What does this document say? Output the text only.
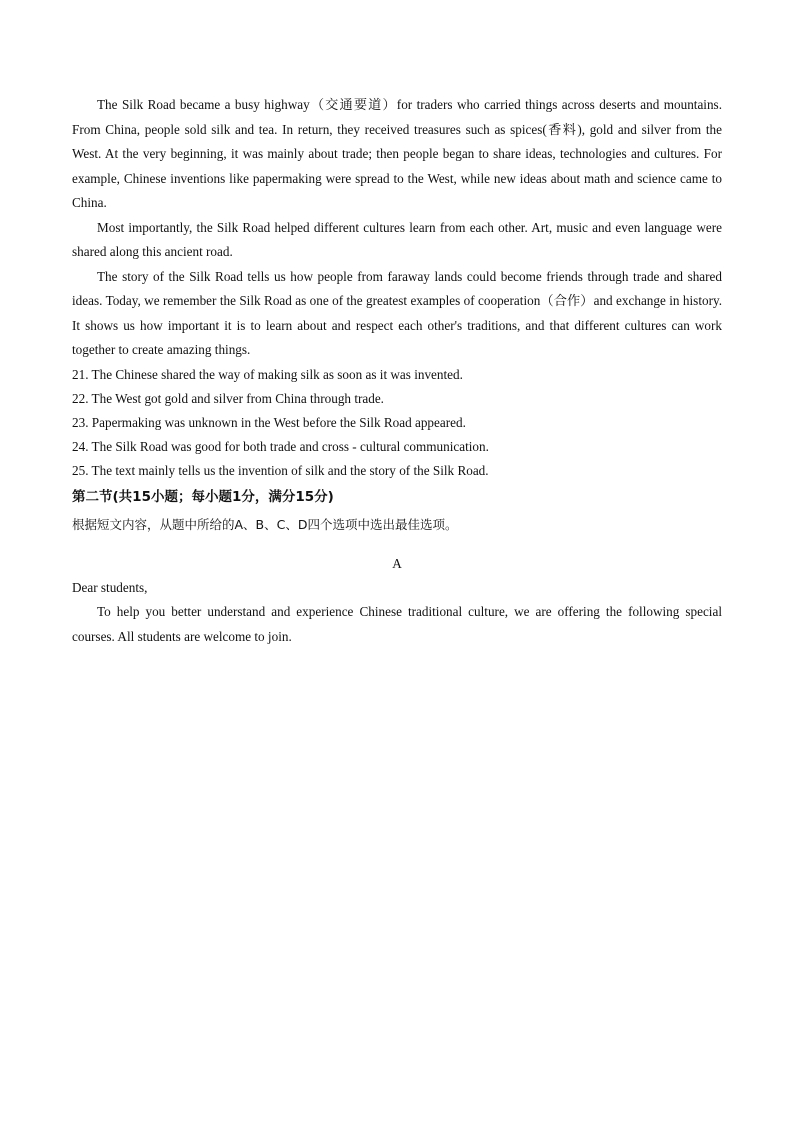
The Silk Road became a busy highway（交通要道）for traders who carried things across deserts and mountains. From China, people sold silk and tea. In return, they received treasures such as spices(香料), gold and silver from the West. At the very beginning, it was mainly about trade; then people began to share ideas, technologies and cultures. For example, Chinese inventions like papermaking were spread to the West, while new ideas about math and science came to China.

Most importantly, the Silk Road helped different cultures learn from each other. Art, music and even language were shared along this ancient road.

The story of the Silk Road tells us how people from faraway lands could become friends through trade and shared ideas. Today, we remember the Silk Road as one of the greatest examples of cooperation（合作）and exchange in history. It shows us how important it is to learn about and respect each other's traditions, and that different cultures can work together to create amazing things.

21. The Chinese shared the way of making silk as soon as it was invented.

22. The West got gold and silver from China through trade.

23. Papermaking was unknown in the West before the Silk Road appeared.

24. The Silk Road was good for both trade and cross - cultural communication.

25. The text mainly tells us the invention of silk and the story of the Silk Road.

第二节(共15小题；每小题1分，满分15分)

根据短文内容，从题中所给的A、B、C、D四个选项中选出最佳选项。

A

Dear students,

To help you better understand and experience Chinese traditional culture, we are offering the following special courses. All students are welcome to join.
